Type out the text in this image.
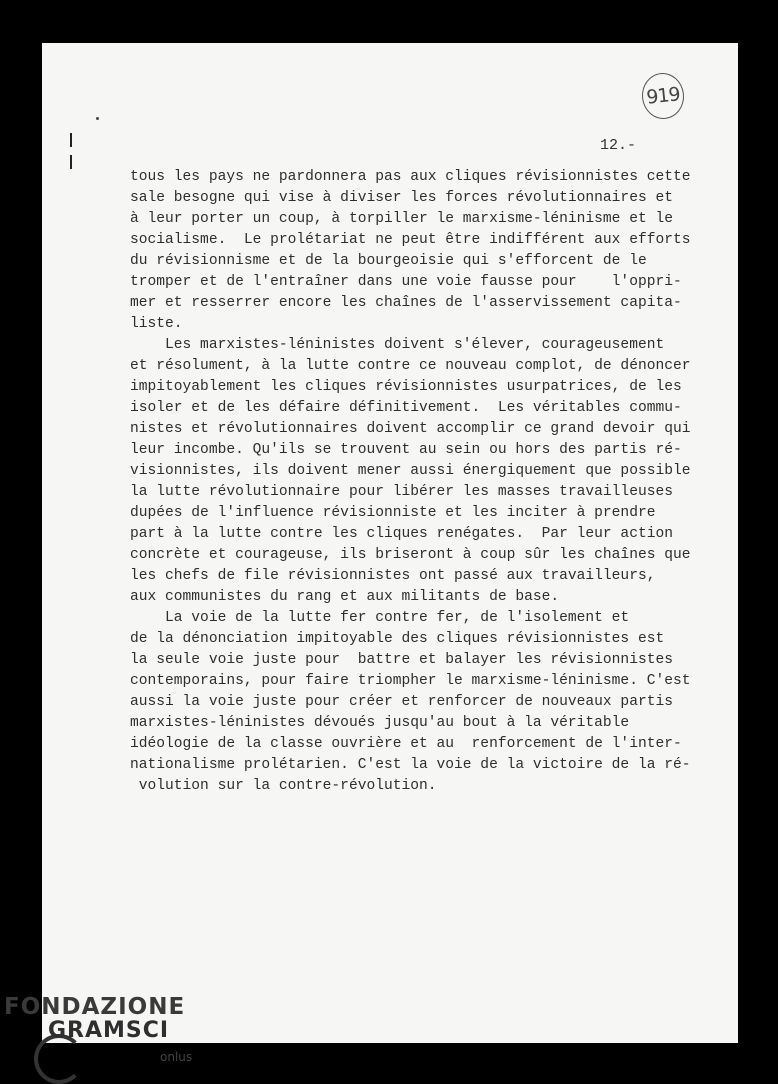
919
12.-
tous les pays ne pardonnera pas aux cliques révisionnistes cette
sale besogne qui vise à diviser les forces révolutionnaires et
à leur porter un coup, à torpiller le marxisme-léninisme et le
socialisme.  Le prolétariat ne peut être indifférent aux efforts
du révisionnisme et de la bourgeoisie qui s'efforcent de le
tromper et de l'entraîner dans une voie fausse pour    l'oppri-
mer et resserrer encore les chaînes de l'asservissement capita-
liste.
Les marxistes-léninistes doivent s'élever, courageusement
et résolument, à la lutte contre ce nouveau complot, de dénoncer
impitoyablement les cliques révisionnistes usurpatrices, de les
isoler et de les défaire définitivement.  Les véritables commu-
nistes et révolutionnaires doivent accomplir ce grand devoir qui
leur incombe. Qu'ils se trouvent au sein ou hors des partis ré-
visionnistes, ils doivent mener aussi énergiquement que possible
la lutte révolutionnaire pour libérer les masses travailleuses
dupées de l'influence révisionniste et les inciter à prendre
part à la lutte contre les cliques renégates.  Par leur action
concrète et courageuse, ils briseront à coup sûr les chaînes que
les chefs de file révisionnistes ont passé aux travailleurs,
aux communistes du rang et aux militants de base.
La voie de la lutte fer contre fer, de l'isolement et
de la dénonciation impitoyable des cliques révisionnistes est
la seule voie juste pour  battre et balayer les révisionnistes
contemporains, pour faire triompher le marxisme-léninisme. C'est
aussi la voie juste pour créer et renforcer de nouveaux partis
marxistes-léninistes dévoués jusqu'au bout à la véritable
idéologie de la classe ouvrière et au  renforcement de l'inter-
nationalisme prolétarien. C'est la voie de la victoire de la ré-
volution sur la contre-révolution.
FONDAZIONE
GRAMSCI
onlus
